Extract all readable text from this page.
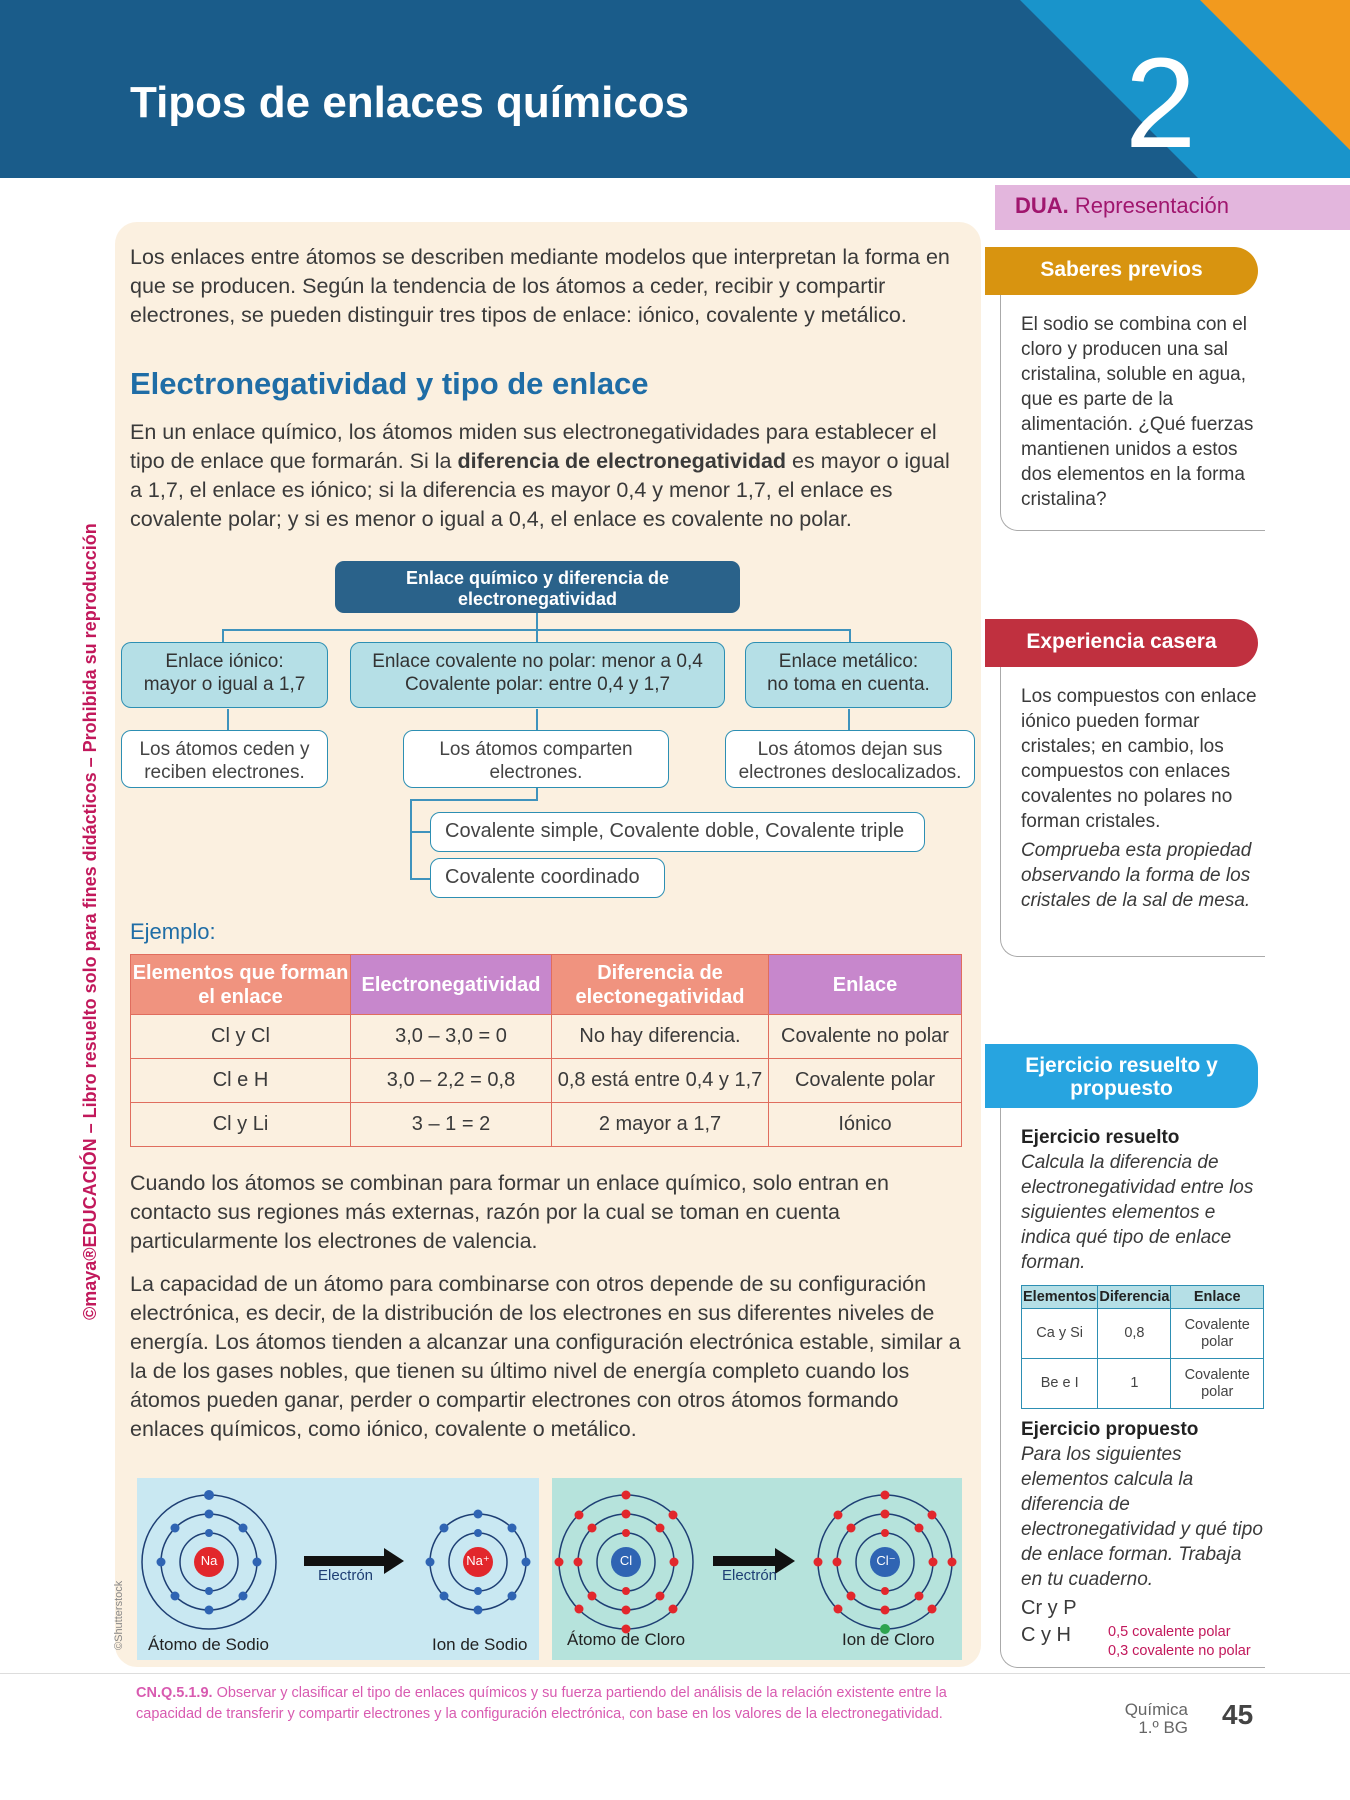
Tipos de enlaces químicos	2
DUA. Representación
©maya®EDUCACIÓN – Libro resuelto solo para fines didácticos – Prohibida su reproducción
Los enlaces entre átomos se describen mediante modelos que interpretan la forma en que se producen. Según la tendencia de los átomos a ceder, recibir y compartir electrones, se pueden distinguir tres tipos de enlace: iónico, covalente y metálico.
Electronegatividad y tipo de enlace
En un enlace químico, los átomos miden sus electronegatividades para establecer el tipo de enlace que formarán. Si la diferencia de electronegatividad es mayor o igual a 1,7, el enlace es iónico; si la diferencia es mayor 0,4 y menor 1,7, el enlace es covalente polar; y si es menor o igual a 0,4, el enlace es covalente no polar.
Enlace químico y diferencia de electronegatividad
Enlace iónico:
mayor o igual a 1,7
Enlace covalente no polar: menor a 0,4
Covalente polar: entre 0,4 y 1,7
Enlace metálico:
no toma en cuenta.
Los átomos ceden y reciben electrones.
Los átomos comparten electrones.
Los átomos dejan sus electrones deslocalizados.
Covalente simple, Covalente doble, Covalente triple
Covalente coordinado
Ejemplo:
Elementos que forman el enlace	Electronegatividad	Diferencia de electonegatividad	Enlace
Cl y Cl	3,0 – 3,0 = 0	No hay diferencia.	Covalente no polar
Cl e H	3,0 – 2,2 = 0,8	0,8 está entre 0,4 y 1,7	Covalente polar
Cl y Li	3 – 1 = 2	2 mayor a 1,7	Iónico
Cuando los átomos se combinan para formar un enlace químico, solo entran en contacto sus regiones más externas, razón por la cual se toman en cuenta particularmente los electrones de valencia.
La capacidad de un átomo para combinarse con otros depende de su configuración electrónica, es decir, de la distribución de los electrones en sus diferentes niveles de energía. Los átomos tienden a alcanzar una configuración electrónica estable, similar a la de los gases nobles, que tienen su último nivel de energía completo cuando los átomos pueden ganar, perder o compartir electrones con otros átomos formando enlaces químicos, como iónico, covalente o metálico.
Na	Na⁺	Cl	Cl⁻
Electrón	Electrón
Átomo de Sodio	Ion de Sodio Átomo de Cloro	Ion de Cloro
©Shutterstock
Saberes previos
El sodio se combina con el cloro y producen una sal cristalina, soluble en agua, que es parte de la alimentación. ¿Qué fuerzas mantienen unidos a estos dos elementos en la forma cristalina?
Experiencia casera
Los compuestos con enlace iónico pueden formar cristales; en cambio, los compuestos con enlaces covalentes no polares no forman cristales.
Comprueba esta propiedad observando la forma de los cristales de la sal de mesa.
Ejercicio resuelto y propuesto
Ejercicio resuelto
Calcula la diferencia de electronegatividad entre los siguientes elementos e indica qué tipo de enlace forman.
Elementos	Diferencia	Enlace
Ca y Si	0,8	Covalente polar
Be e I	1	Covalente polar
Ejercicio propuesto
Para los siguientes elementos calcula la diferencia de electronegatividad y qué tipo de enlace forman. Trabaja en tu cuaderno.
Cr y P
C y H	0,5 covalente polar
0,3 covalente no polar
CN.Q.5.1.9. Observar y clasificar el tipo de enlaces químicos y su fuerza partiendo del análisis de la relación existente entre la capacidad de transferir y compartir electrones y la configuración electrónica, con base en los valores de la electronegatividad.	Química
1.º BG 45
